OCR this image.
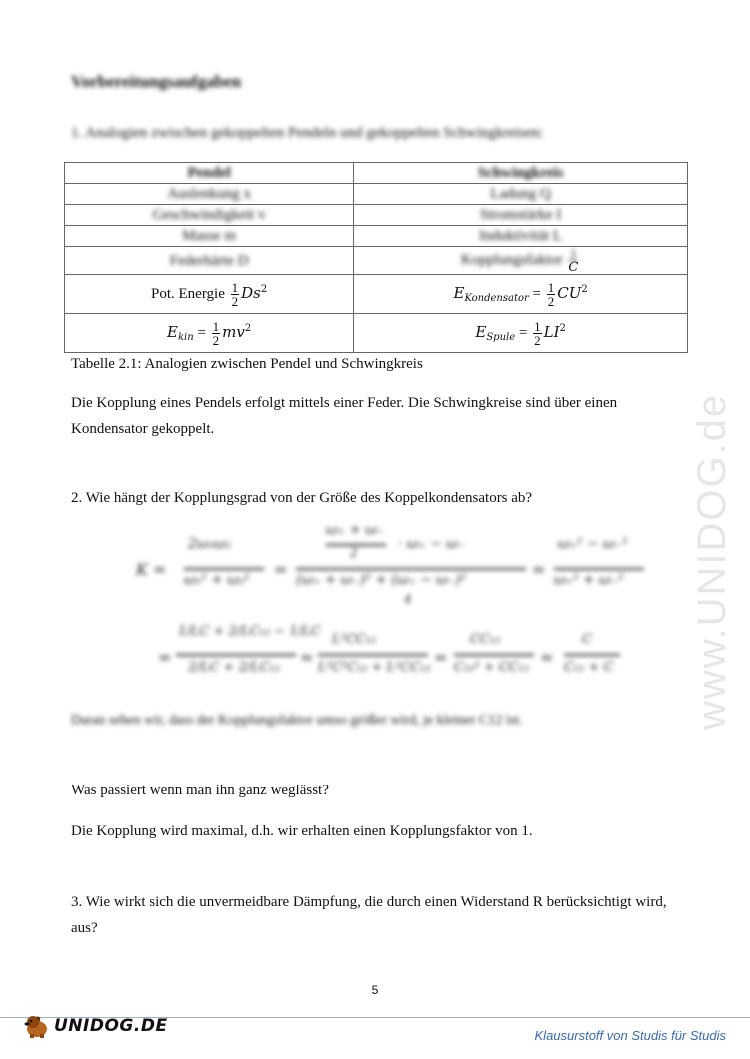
www.UNIDOG.de
Vorbereitungsaufgaben
1. Analogien zwischen gekoppelten Pendeln und gekoppelten Schwingkreisen:
Pendel	Schwingkreis
Auslenkung x	Ladung Q
Geschwindigkeit v	Stromstärke I
Masse m	Induktivität L
Federhärte D	Kopplungsfaktor $\frac{1}{C}$

Pot. Energie $\frac{1}{2} Ds^2$	$E_{Kondensator} = \frac{1}{2} CU^2$
$E_{kin} = \frac{1}{2} mv^2$	$E_{Spule} = \frac{1}{2} LI^2$
Tabelle 2.1: Analogien zwischen Pendel und Schwingkreis
Die Kopplung eines Pendels erfolgt mittels einer Feder. Die Schwingkreise sind über einen Kondensator gekoppelt.
2. Wie hängt der Kopplungsgrad von der Größe des Koppelkondensators ab?
K =
2ω₁ω₂
ω₁² + ω₂²
=
ω₊ + ω₋
2
· ω₊ − ω₋
(ω₊ + ω₋)² + (ω₊ − ω₋)²
4
=
ω₊² − ω₋²
ω₊² + ω₋²
=
1/LC + 2/LC₁₂ − 1/LC
2/LC + 2/LC₁₂
=
L²CC₁₂
L²C²C₁₂ + L²CC₁₂
=
CC₁₂
C₁₂² + CC₁₂
=
C
C₁₂ + C
Daran sehen wir, dass der Kopplungsfaktor umso größer wird, je kleiner C12 ist.
Was passiert wenn man ihn ganz weglässt?
Die Kopplung wird maximal, d.h. wir erhalten einen Kopplungsfaktor von 1.
3. Wie wirkt sich die unvermeidbare Dämpfung, die durch einen Widerstand R berücksichtigt wird, aus?
5
UNIDOG.DE	Klausurstoff von Studis für Studis
